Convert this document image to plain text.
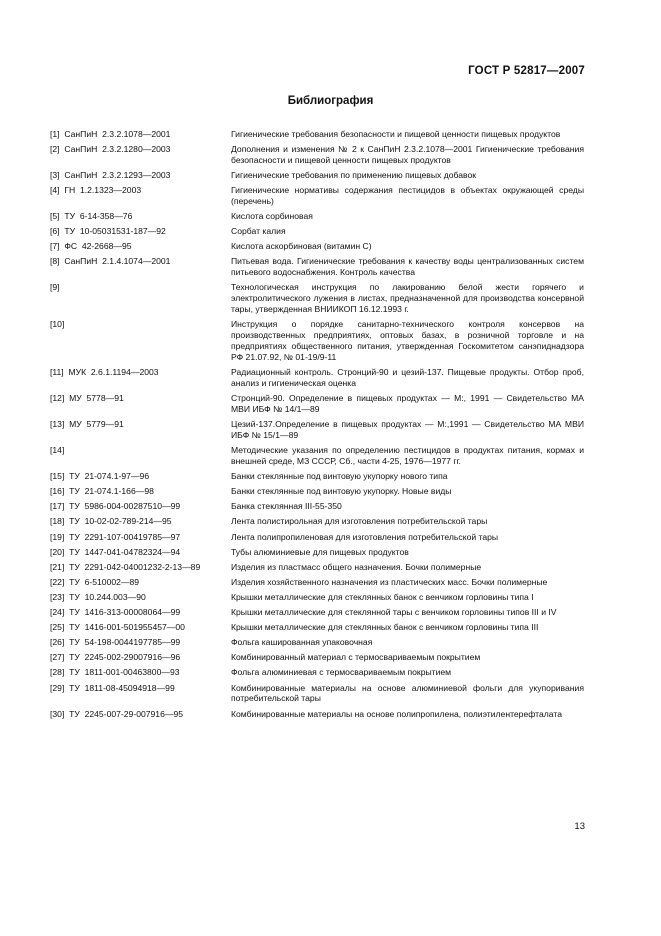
ГОСТ Р 52817—2007
Библиография
[1]  СанПиН  2.3.2.1078—2001	Гигиенические требования безопасности и пищевой ценности пищевых продуктов
[2]  СанПиН  2.3.2.1280—2003	Дополнения и изменения № 2 к СанПиН 2.3.2.1078—2001 Гигиенические требования безопасности и пищевой ценности пищевых продуктов
[3]  СанПиН  2.3.2.1293—2003	Гигиенические требования по применению пищевых добавок
[4]  ГН  1.2.1323—2003	Гигиенические нормативы содержания пестицидов в объектах окружающей среды (перечень)
[5]  ТУ  6-14-358—76	Кислота сорбиновая
[6]  ТУ  10-05031531-187—92	Сорбат калия
[7]  ФС  42-2668—95	Кислота аскорбиновая (витамин С)
[8]  СанПиН  2.1.4.1074—2001	Питьевая вода. Гигиенические требования к качеству воды централизованных систем питьевого водоснабжения. Контроль качества
[9]	Технологическая инструкция по лакированию белой жести горячего и электролитического лужения в листах, предназначенной для производства консервной тары, утвержденная ВНИИКОП 16.12.1993 г.
[10]	Инструкция о порядке санитарно-технического контроля консервов на производственных предприятиях, оптовых базах, в розничной торговле и на предприятиях общественного питания, утвержденная Госкомитетом санэпиднадзора РФ 21.07.92, № 01-19/9-11
[11]  МУК  2.6.1.1194—2003	Радиационный контроль. Стронций-90 и цезий-137. Пищевые продукты. Отбор проб, анализ и гигиеническая оценка
[12]  МУ  5778—91	Стронций-90. Определение в пищевых продуктах — М:, 1991 — Свидетельство МА МВИ ИБФ № 14/1—89
[13]  МУ  5779—91	Цезий-137.Определение в пищевых продуктах — М:,1991 — Свидетельство МА МВИ ИБФ № 15/1—89
[14]	Методические указания по определению пестицидов в продуктах питания, кормах и внешней среде, МЗ СССР, Сб., части 4-25, 1976—1977 гг.
[15]  ТУ  21-074.1-97—96	Банки стеклянные под винтовую укупорку нового типа
[16]  ТУ  21-074.1-166—98	Банки стеклянные под винтовую укупорку. Новые виды
[17]  ТУ  5986-004-00287510—99	Банка стеклянная III-55-350
[18]  ТУ  10-02-02-789-214—95	Лента полистирольная для изготовления потребительской тары
[19]  ТУ  2291-107-00419785—97	Лента полипропиленовая для изготовления потребительской тары
[20]  ТУ  1447-041-04782324—94	Тубы алюминиевые для пищевых продуктов
[21]  ТУ  2291-042-04001232-2-13—89	Изделия из пластмасс общего назначения. Бочки полимерные
[22]  ТУ  6-510002—89	Изделия хозяйственного назначения из пластических масс. Бочки полимерные
[23]  ТУ  10.244.003—90	Крышки металлические для стеклянных банок с венчиком горловины типа I
[24]  ТУ  1416-313-00008064—99	Крышки металлические для стеклянной тары с венчиком горловины типов III и IV
[25]  ТУ  1416-001-501955457—00	Крышки металлические для стеклянных банок с венчиком горловины типа III
[26]  ТУ  54-198-0044197785—99	Фольга кашированная упаковочная
[27]  ТУ  2245-002-29007916—96	Комбинированный материал с термосвариваемым покрытием
[28]  ТУ  1811-001-00463800—93	Фольга алюминиевая с термосвариваемым покрытием
[29]  ТУ  1811-08-45094918—99	Комбинированные материалы на основе алюминиевой фольги для укупоривания потребительской тары
[30]  ТУ  2245-007-29-007916—95	Комбинированные материалы на основе полипропилена, полиэтилентерефталата
13
